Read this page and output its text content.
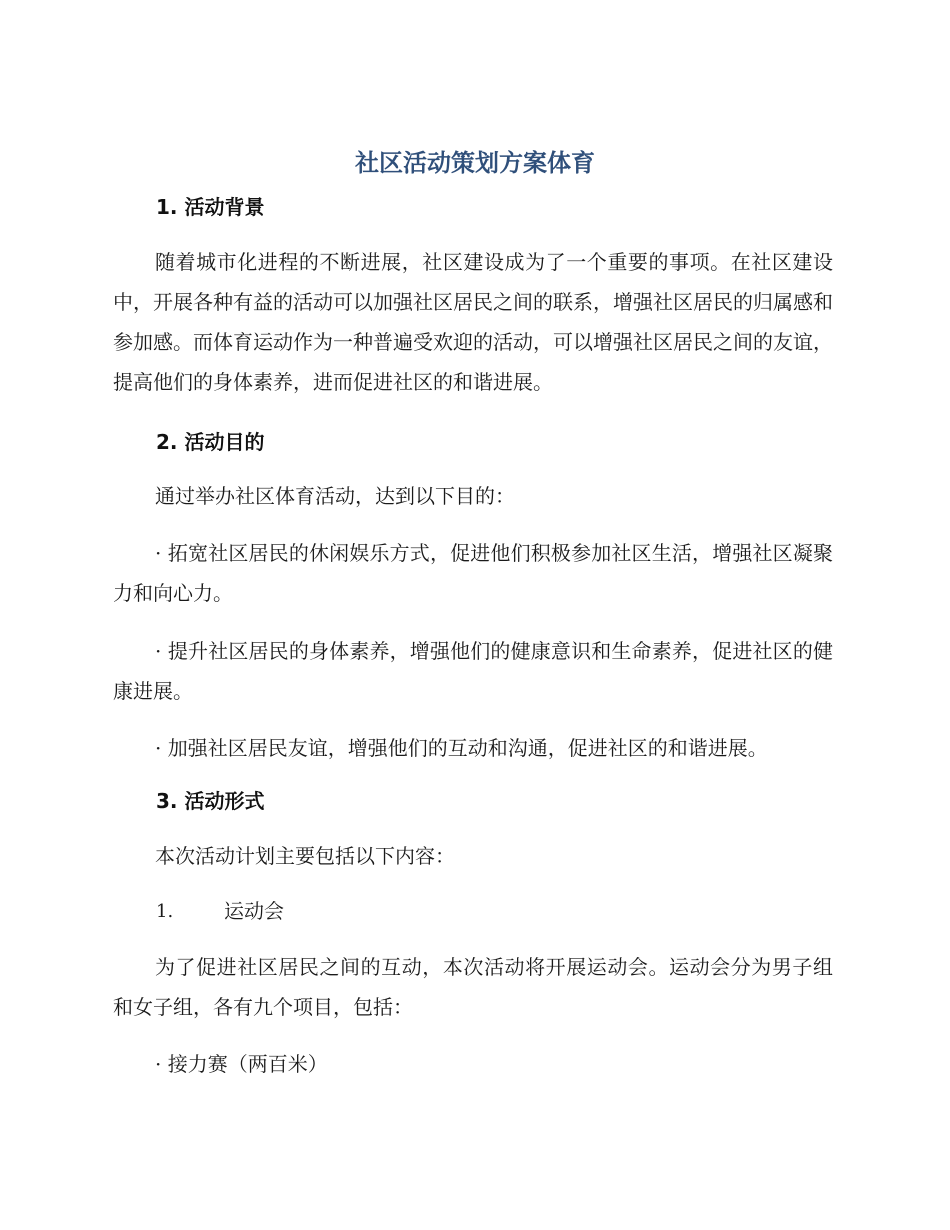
社区活动策划方案体育
1. 活动背景

随着城市化进程的不断进展，社区建设成为了一个重要的事项。在社区建设中，开展各种有益的活动可以加强社区居民之间的联系，增强社区居民的归属感和参加感。而体育运动作为一种普遍受欢迎的活动，可以增强社区居民之间的友谊，提高他们的身体素养，进而促进社区的和谐进展。

2. 活动目的

通过举办社区体育活动，达到以下目的：

· 拓宽社区居民的休闲娱乐方式，促进他们积极参加社区生活，增强社区凝聚力和向心力。

· 提升社区居民的身体素养，增强他们的健康意识和生命素养，促进社区的健康进展。

· 加强社区居民友谊，增强他们的互动和沟通，促进社区的和谐进展。

3. 活动形式

本次活动计划主要包括以下内容：

1.	运动会

为了促进社区居民之间的互动，本次活动将开展运动会。运动会分为男子组和女子组，各有九个项目，包括：

· 接力赛（两百米）
